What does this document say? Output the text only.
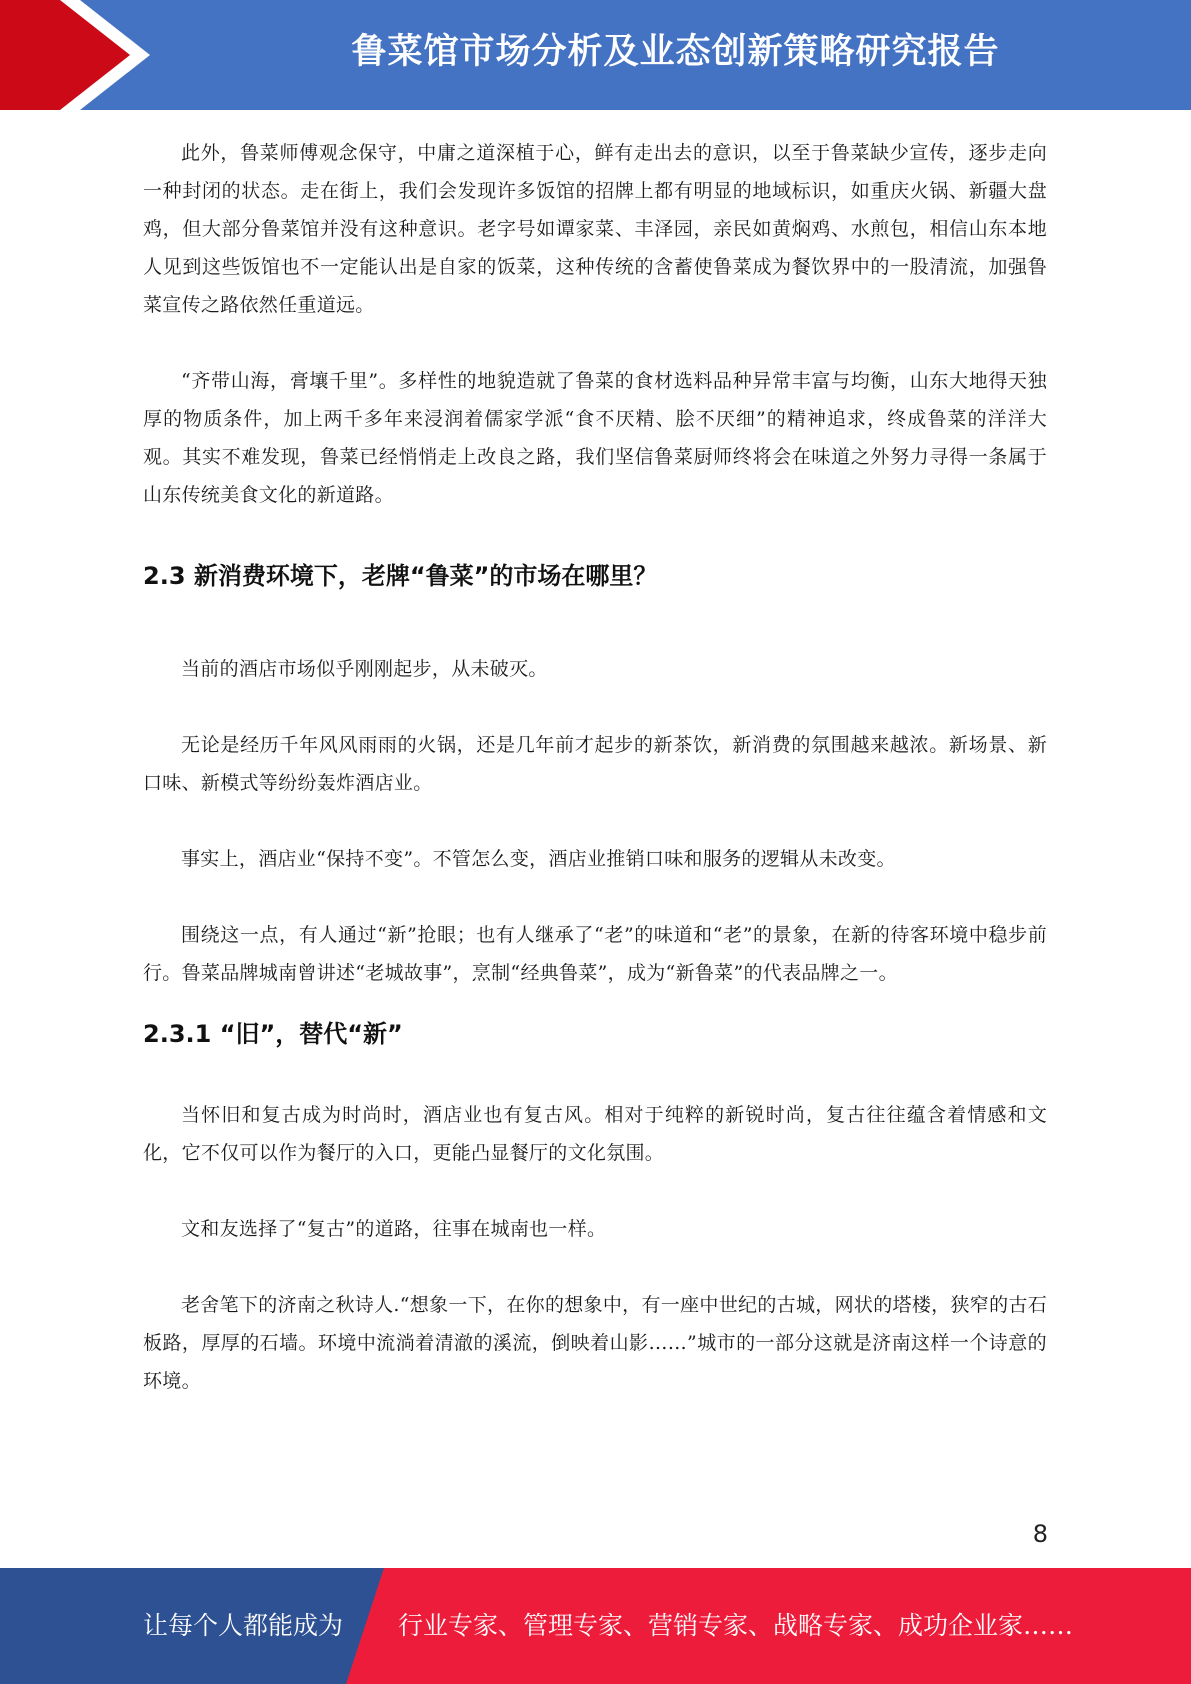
鲁菜馆市场分析及业态创新策略研究报告

此外，鲁菜师傅观念保守，中庸之道深植于心，鲜有走出去的意识，以至于鲁菜缺少宣传，逐步走向一种封闭的状态。走在街上，我们会发现许多饭馆的招牌上都有明显的地域标识，如重庆火锅、新疆大盘鸡，但大部分鲁菜馆并没有这种意识。老字号如谭家菜、丰泽园，亲民如黄焖鸡、水煎包，相信山东本地人见到这些饭馆也不一定能认出是自家的饭菜，这种传统的含蓄使鲁菜成为餐饮界中的一股清流，加强鲁菜宣传之路依然任重道远。

“齐带山海，膏壤千里”。多样性的地貌造就了鲁菜的食材选料品种异常丰富与均衡，山东大地得天独厚的物质条件，加上两千多年来浸润着儒家学派“食不厌精、脍不厌细”的精神追求，终成鲁菜的洋洋大观。其实不难发现，鲁菜已经悄悄走上改良之路，我们坚信鲁菜厨师终将会在味道之外努力寻得一条属于山东传统美食文化的新道路。

2.3 新消费环境下，老牌“鲁菜”的市场在哪里？

当前的酒店市场似乎刚刚起步，从未破灭。

无论是经历千年风风雨雨的火锅，还是几年前才起步的新茶饮，新消费的氛围越来越浓。新场景、新口味、新模式等纷纷轰炸酒店业。

事实上，酒店业“保持不变”。不管怎么变，酒店业推销口味和服务的逻辑从未改变。

围绕这一点，有人通过“新”抢眼；也有人继承了“老”的味道和“老”的景象，在新的待客环境中稳步前行。鲁菜品牌城南曾讲述“老城故事”，烹制“经典鲁菜”，成为“新鲁菜”的代表品牌之一。

2.3.1 “旧”，替代“新”

当怀旧和复古成为时尚时，酒店业也有复古风。相对于纯粹的新锐时尚，复古往往蕴含着情感和文化，它不仅可以作为餐厅的入口，更能凸显餐厅的文化氛围。

文和友选择了“复古”的道路，往事在城南也一样。

老舍笔下的济南之秋诗人.“想象一下，在你的想象中，有一座中世纪的古城，网状的塔楼，狭窄的古石板路，厚厚的石墙。环境中流淌着清澈的溪流，倒映着山影……”城市的一部分这就是济南这样一个诗意的环境。

8
让每个人都能成为 行业专家、管理专家、营销专家、战略专家、成功企业家……
